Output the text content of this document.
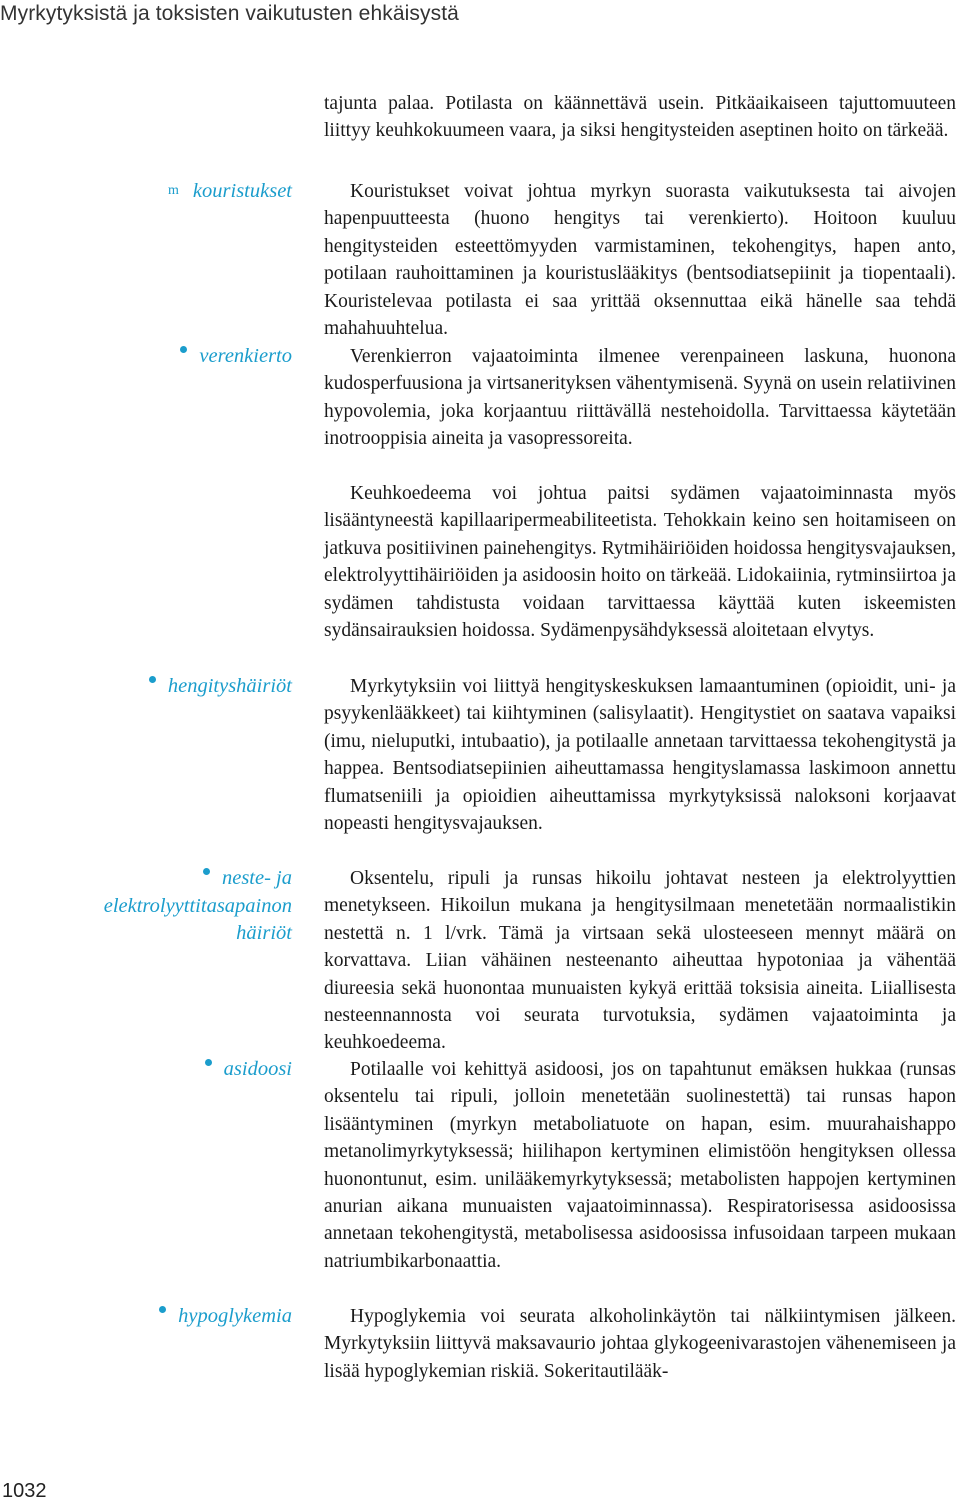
Myrkytyksistä ja toksisten vaikutusten ehkäisystä

tajunta palaa. Potilasta on käännettävä usein. Pitkäaikaiseen tajuttomuuteen liittyy keuhkokuumeen vaara, ja siksi hengitysteiden aseptinen hoito on tärkeää.

m kouristukset	Kouristukset voivat johtua myrkyn suorasta vaikutuksesta tai aivojen hapenpuutteesta (huono hengitys tai verenkierto). Hoitoon kuuluu hengitysteiden esteettömyyden varmistaminen, tekohengitys, hapen anto, potilaan rauhoittaminen ja kouristuslääkitys (bentsodiatsepiinit ja tiopentaali). Kouristelevaa potilasta ei saa yrittää oksennuttaa eikä hänelle saa tehdä mahahuuhtelua.

verenkierto	Verenkierron vajaatoiminta ilmenee verenpaineen laskuna, huonona kudosperfuusiona ja virtsanerityksen vähentymisenä. Syynä on usein relatiivinen hypovolemia, joka korjaantuu riittävällä nestehoidolla. Tarvittaessa käytetään inotrooppisia aineita ja vasopressoreita.

Keuhkoedeema voi johtua paitsi sydämen vajaatoiminnasta myös lisääntyneestä kapillaaripermeabiliteetista. Tehokkain keino sen hoitamiseen on jatkuva positiivinen painehengitys. Rytmihäiriöiden hoidossa hengitysvajauksen, elektrolyyttihäiriöiden ja asidoosin hoito on tärkeää. Lidokaiinia, rytminsiirtoa ja sydämen tahdistusta voidaan tarvittaessa käyttää kuten iskeemisten sydänsairauksien hoidossa. Sydämenpysähdyksessä aloitetaan elvytys.

hengityshäiriöt	Myrkytyksiin voi liittyä hengityskeskuksen lamaantuminen (opioidit, uni- ja psyykenlääkkeet) tai kiihtyminen (salisylaatit). Hengitystiet on saatava vapaiksi (imu, nieluputki, intubaatio), ja potilaalle annetaan tarvittaessa tekohengitystä ja happea. Bentsodiatsepiinien aiheuttamassa hengityslamassa laskimoon annettu flumatseniili ja opioidien aiheuttamissa myrkytyksissä naloksoni korjaavat nopeasti hengitysvajauksen.

neste- ja
elektrolyyttitasapainon
häiriöt

Oksentelu, ripuli ja runsas hikoilu johtavat nesteen ja elektrolyyttien menetykseen. Hikoilun mukana ja hengitysilmaan menetetään normaalistikin nestettä n. 1 l/vrk. Tämä ja virtsaan sekä ulosteeseen mennyt määrä on korvattava. Liian vähäinen nesteenanto aiheuttaa hypotoniaa ja vähentää diureesia sekä huonontaa munuaisten kykyä erittää toksisia aineita. Liiallisesta nesteennannosta voi seurata turvotuksia, sydämen vajaatoiminta ja keuhkoedeema.

asidoosi	Potilaalle voi kehittyä asidoosi, jos on tapahtunut emäksen hukkaa (runsas oksentelu tai ripuli, jolloin menetetään suolinestettä) tai runsas hapon lisääntyminen (myrkyn metaboliatuote on hapan, esim. muurahaishappo metanolimyrkytyksessä; hiilihapon kertyminen elimistöön hengityksen ollessa huonontunut, esim. unilääkemyrkytyksessä; metabolisten happojen kertyminen anurian aikana munuaisten vajaatoiminnassa). Respiratorisessa asidoosissa annetaan tekohengitystä, metabolisessa asidoosissa infusoidaan tarpeen mukaan natriumbikarbonaattia.

hypoglykemia	Hypoglykemia voi seurata alkoholinkäytön tai nälkiintymisen jälkeen. Myrkytyksiin liittyvä maksavaurio johtaa glykogeenivarastojen vähenemiseen ja lisää hypoglykemian riskiä. Sokeritautilääk-

1032
